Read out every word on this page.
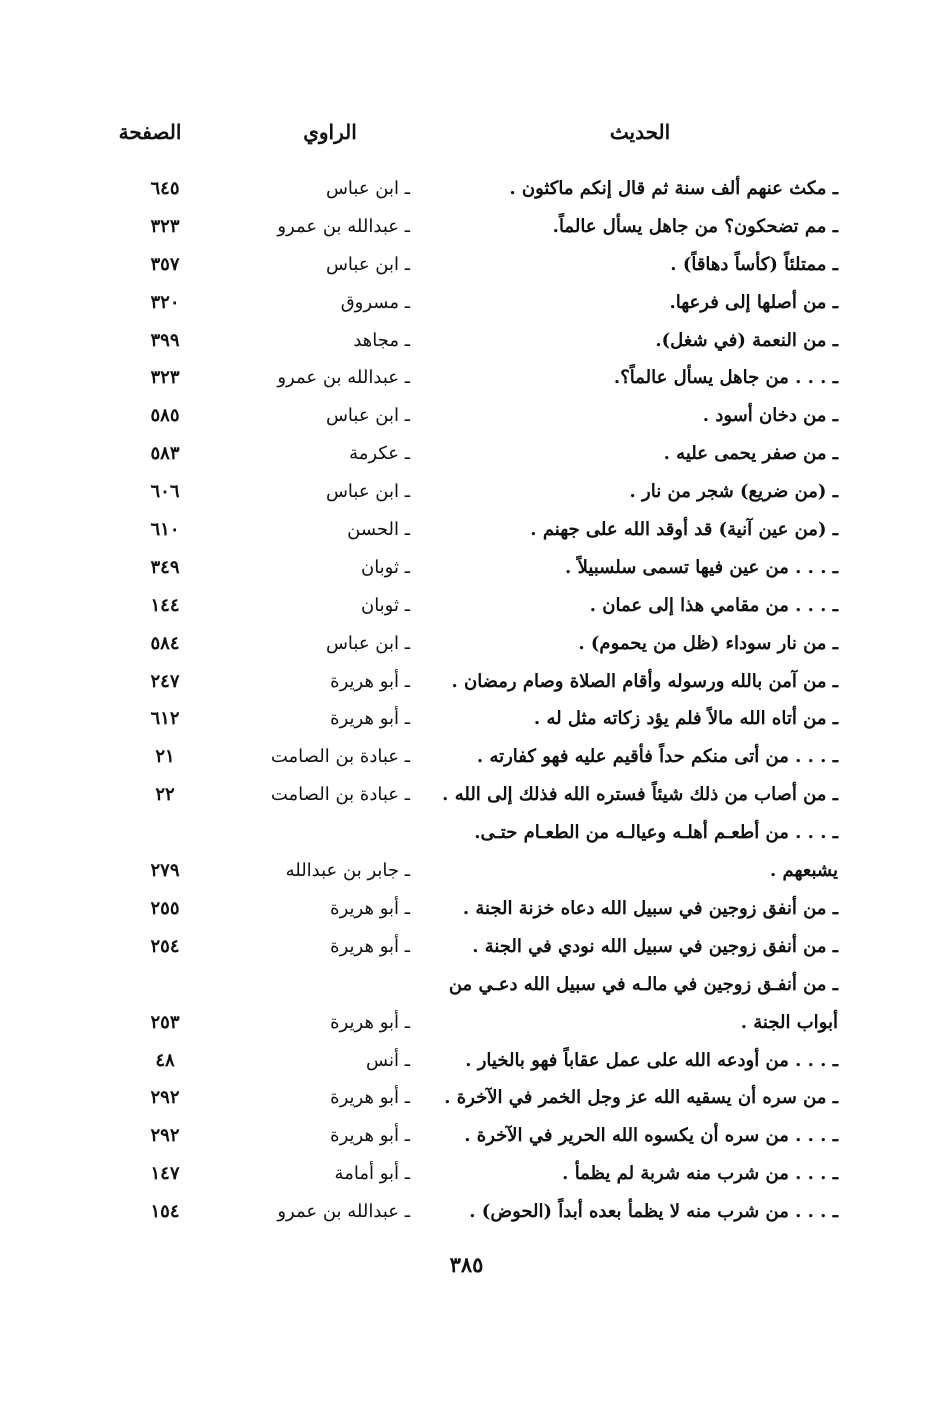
الحديث
الراوي
الصفحة
ـ مكث عنهم ألف سنة ثم قال إنكم ماكثون .
ـ ابن عباس
٦٤٥
ـ مم تضحكون؟ من جاهل يسأل عالماً.
ـ عبدالله بن عمرو
٣٢٣
ـ ممتلئاً (كأساً دهاقاً) .
ـ ابن عباس
٣٥٧
ـ من أصلها إلى فرعها.
ـ مسروق
٣٢٠
ـ من النعمة (في شغل).
ـ مجاهد
٣٩٩
ـ . . . من جاهل يسأل عالماً؟.
ـ عبدالله بن عمرو
٣٢٣
ـ من دخان أسود .
ـ ابن عباس
٥٨٥
ـ من صفر يحمى عليه .
ـ عكرمة
٥٨٣
ـ (من ضريع) شجر من نار .
ـ ابن عباس
٦٠٦
ـ (من عين آنية) قد أوقد الله على جهنم .
ـ الحسن
٦١٠
ـ . . . من عين فيها تسمى سلسبيلاً .
ـ ثوبان
٣٤٩
ـ . . . من مقامي هذا إلى عمان .
ـ ثوبان
١٤٤
ـ من نار سوداء (ظل من يحموم) .
ـ ابن عباس
٥٨٤
ـ من آمن بالله ورسوله وأقام الصلاة وصام رمضان .
ـ أبو هريرة
٢٤٧
ـ من أتاه الله مالاً فلم يؤد زكاته مثل له .
ـ أبو هريرة
٦١٢
ـ . . . من أتى منكم حداً فأقيم عليه فهو كفارته .
ـ عبادة بن الصامت
٢١
ـ من أصاب من ذلك شيئاً فستره الله فذلك إلى الله .
ـ عبادة بن الصامت
٢٢
ـ . . . من أطعـم أهلـه وعيالـه من الطعـام حتـى. يشبعهم .
ـ جابر بن عبدالله
٢٧٩
ـ من أنفق زوجين في سبيل الله دعاه خزنة الجنة .
ـ أبو هريرة
٢٥٥
ـ من أنفق زوجين في سبيل الله نودي في الجنة .
ـ أبو هريرة
٢٥٤
ـ من أنفـق زوجين في مالـه في سبيل الله دعـي من أبواب الجنة .
ـ أبو هريرة
٢٥٣
ـ . . . من أودعه الله على عمل عقاباً فهو بالخيار .
ـ أنس
٤٨
ـ من سره أن يسقيه الله عز وجل الخمر في الآخرة .
ـ أبو هريرة
٢٩٢
ـ . . . من سره أن يكسوه الله الحرير في الآخرة .
ـ أبو هريرة
٢٩٢
ـ . . . من شرب منه شربة لم يظمأ .
ـ أبو أمامة
١٤٧
ـ . . . من شرب منه لا يظمأ بعده أبداً (الحوض) .
ـ عبدالله بن عمرو
١٥٤
٣٨٥
